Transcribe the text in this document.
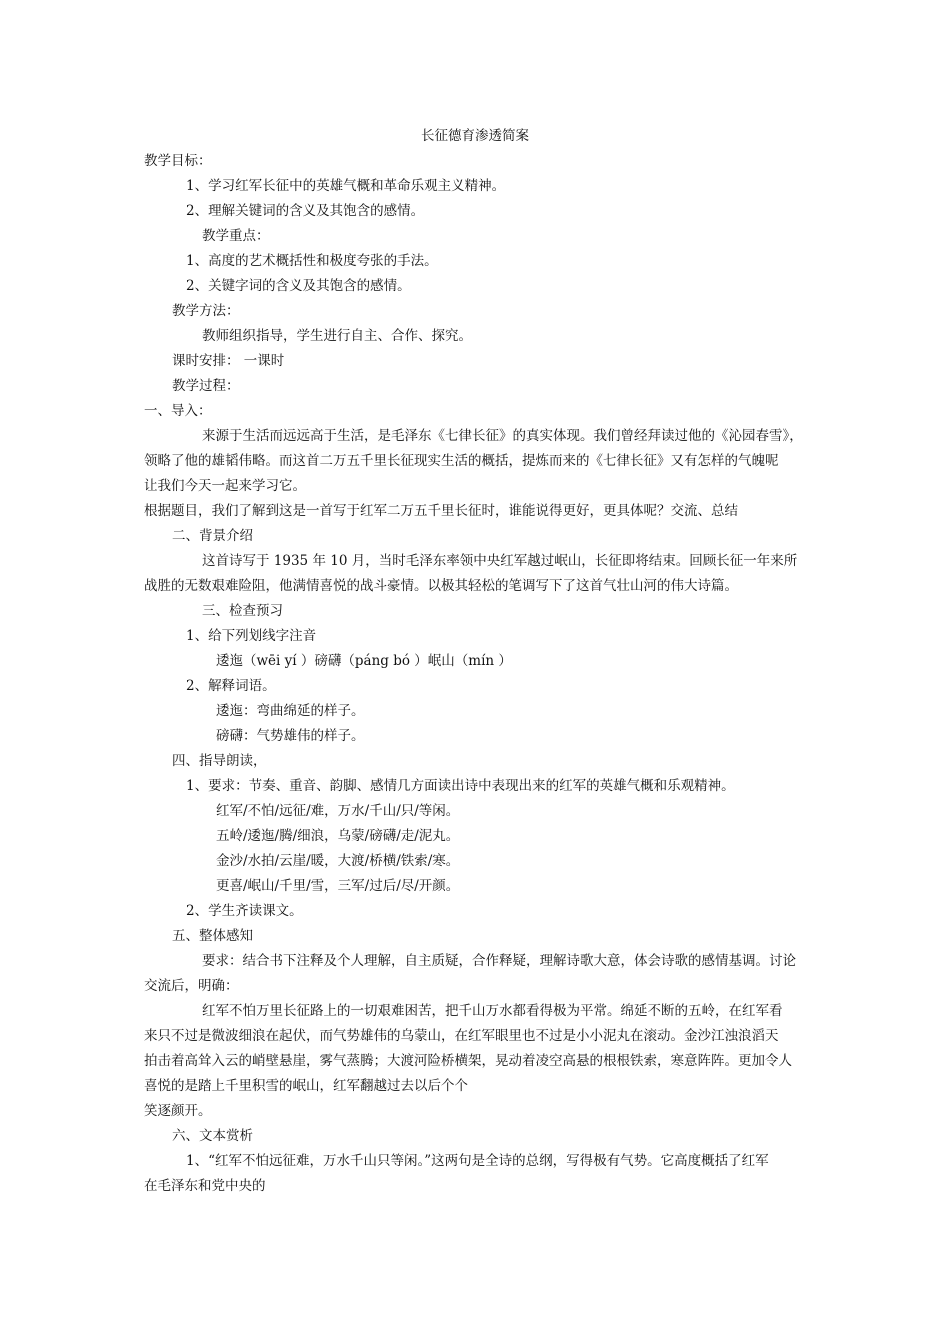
长征德育渗透简案
教学目标：
1、学习红军长征中的英雄气概和革命乐观主义精神。
2、理解关键词的含义及其饱含的感情。
教学重点：
1、高度的艺术概括性和极度夸张的手法。
2、关键字词的含义及其饱含的感情。
教学方法：
教师组织指导，学生进行自主、合作、探究。
课时安排： 一课时
教学过程：
一、导入：
来源于生活而远远高于生活，是毛泽东《七律长征》的真实体现。我们曾经拜读过他的《沁园春雪》，
领略了他的雄韬伟略。而这首二万五千里长征现实生活的概括，提炼而来的《七律长征》又有怎样的气魄呢
让我们今天一起来学习它。
根据题目，我们了解到这是一首写于红军二万五千里长征时，谁能说得更好，更具体呢？交流、总结
二、背景介绍
这首诗写于 1935 年 10 月，当时毛泽东率领中央红军越过岷山，长征即将结束。回顾长征一年来所
战胜的无数艰难险阻，他满情喜悦的战斗豪情。以极其轻松的笔调写下了这首气壮山河的伟大诗篇。
三、检查预习
1、给下列划线字注音
逶迤（wēi yí ）磅礴（páng bó ）岷山（mín ）
2、解释词语。
逶迤：弯曲绵延的样子。
磅礴：气势雄伟的样子。
四、指导朗读，
1、要求：节奏、重音、韵脚、感情几方面读出诗中表现出来的红军的英雄气概和乐观精神。
红军/不怕/远征/难，万水/千山/只/等闲。
五岭/逶迤/腾/细浪，乌蒙/磅礴/走/泥丸。
金沙/水拍/云崖/暖，大渡/桥横/铁索/寒。
更喜/岷山/千里/雪，三军/过后/尽/开颜。
2、学生齐读课文。
五、整体感知
要求：结合书下注释及个人理解，自主质疑，合作释疑，理解诗歌大意，体会诗歌的感情基调。讨论
交流后，明确：
红军不怕万里长征路上的一切艰难困苦，把千山万水都看得极为平常。绵延不断的五岭，在红军看
来只不过是微波细浪在起伏，而气势雄伟的乌蒙山，在红军眼里也不过是小小泥丸在滚动。金沙江浊浪滔天
拍击着高耸入云的峭壁悬崖，雾气蒸腾；大渡河险桥横架，晃动着凌空高悬的根根铁索，寒意阵阵。更加令人
喜悦的是踏上千里积雪的岷山，红军翻越过去以后个个
笑逐颜开。
六、文本赏析
1、“红军不怕远征难，万水千山只等闲。”这两句是全诗的总纲，写得极有气势。它高度概括了红军
在毛泽东和党中央的
